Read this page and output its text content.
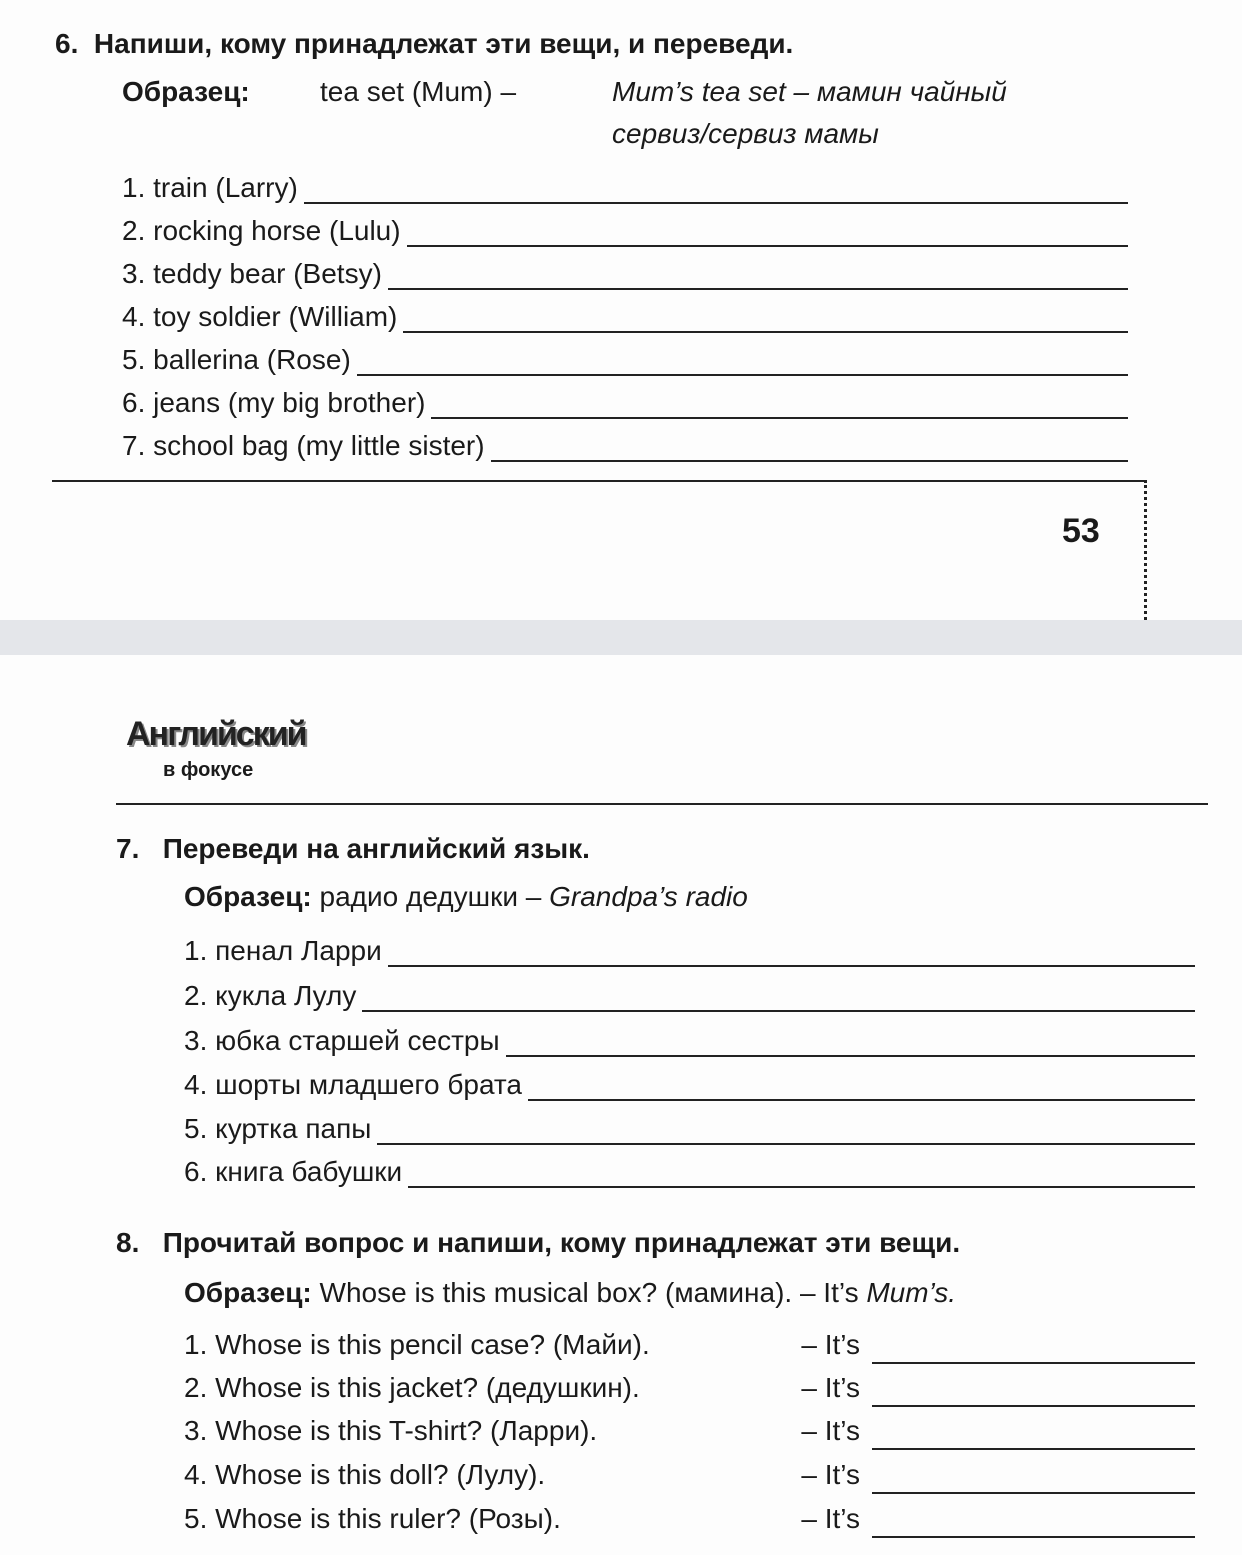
6. Напиши, кому принадлежат эти вещи, и переведи.
Образец:	tea set (Mum) –	Mum’s tea set – мамин чайный
сервиз/сервиз мамы
1. train (Larry)
2. rocking horse (Lulu)
3. teddy bear (Betsy)
4. toy soldier (William)
5. ballerina (Rose)
6. jeans (my big brother)
7. school bag (my little sister)
53
Английский
в фокусе
7. Переведи на английский язык.
Образец: радио дедушки – Grandpa’s radio
1. пенал Ларри
2. кукла Лулу
3. юбка старшей сестры
4. шорты младшего брата
5. куртка папы
6. книга бабушки
8. Прочитай вопрос и напиши, кому принадлежат эти вещи.
Образец: Whose is this musical box? (мамина). – It’s Mum’s.
1. Whose is this pencil case? (Майи).	– It’s
2. Whose is this jacket? (дедушкин).	– It’s
3. Whose is this T-shirt? (Ларри).	– It’s
4. Whose is this doll? (Лулу).	– It’s
5. Whose is this ruler? (Розы).	– It’s
